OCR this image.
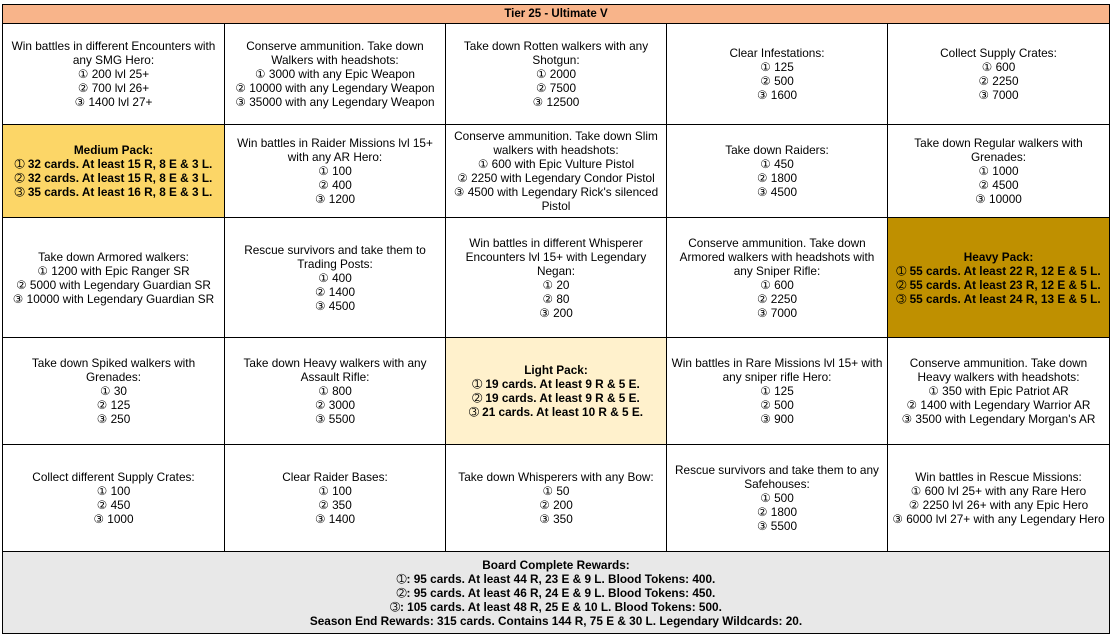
Tier 25 - Ultimate V
Win battles in different Encounters with any SMG Hero:
① 200 lvl 25+
② 700 lvl 26+
③ 1400 lvl 27+
Conserve ammunition. Take down Walkers with headshots:
① 3000 with any Epic Weapon
② 10000 with any Legendary Weapon
③ 35000 with any Legendary Weapon
Take down Rotten walkers with any Shotgun:
① 2000
② 7500
③ 12500
Clear Infestations:
① 125
② 500
③ 1600
Collect Supply Crates:
① 600
② 2250
③ 7000
Medium Pack:
➀ 32 cards. At least 15 R, 8 E & 3 L.
➁ 32 cards. At least 15 R, 8 E & 3 L.
➂ 35 cards. At least 16 R, 8 E & 3 L.
Win battles in Raider Missions lvl 15+ with any AR Hero:
① 100
② 400
③ 1200
Conserve ammunition. Take down Slim walkers with headshots:
① 600 with Epic Vulture Pistol
② 2250 with Legendary Condor Pistol
③ 4500 with Legendary Rick's silenced Pistol
Take down Raiders:
① 450
② 1800
③ 4500
Take down Regular walkers with Grenades:
① 1000
② 4500
③ 10000
Take down Armored walkers:
① 1200 with Epic Ranger SR
② 5000 with Legendary Guardian SR
③ 10000 with Legendary Guardian SR
Rescue survivors and take them to Trading Posts:
① 400
② 1400
③ 4500
Win battles in different Whisperer Encounters lvl 15+ with Legendary Negan:
① 20
② 80
③ 200
Conserve ammunition. Take down Armored walkers with headshots with any Sniper Rifle:
① 600
② 2250
③ 7000
Heavy Pack:
➀ 55 cards. At least 22 R, 12 E & 5 L.
➁ 55 cards. At least 23 R, 12 E & 5 L.
➂ 55 cards. At least 24 R, 13 E & 5 L.
Take down Spiked walkers with Grenades:
① 30
② 125
③ 250
Take down Heavy walkers with any Assault Rifle:
① 800
② 3000
③ 5500
Light Pack:
➀ 19 cards. At least 9 R & 5 E.
➁ 19 cards. At least 9 R & 5 E.
➂ 21 cards. At least 10 R & 5 E.
Win battles in Rare Missions lvl 15+ with any sniper rifle Hero:
① 125
② 500
③ 900
Conserve ammunition. Take down Heavy walkers with headshots:
① 350 with Epic Patriot AR
② 1400 with Legendary Warrior AR
③ 3500 with Legendary Morgan's AR
Collect different Supply Crates:
① 100
② 450
③ 1000
Clear Raider Bases:
① 100
② 350
③ 1400
Take down Whisperers with any Bow:
① 50
② 200
③ 350
Rescue survivors and take them to any Safehouses:
① 500
② 1800
③ 5500
Win battles in Rescue Missions:
① 600 lvl 25+ with any Rare Hero
② 2250 lvl 26+ with any Epic Hero
③ 6000 lvl 27+ with any Legendary Hero
Board Complete Rewards:
➀: 95 cards. At least 44 R, 23 E & 9 L. Blood Tokens: 400.
➁: 95 cards. At least 46 R, 24 E & 9 L. Blood Tokens: 450.
➂: 105 cards. At least 48 R, 25 E & 10 L. Blood Tokens: 500.
Season End Rewards: 315 cards. Contains 144 R, 75 E & 30 L. Legendary Wildcards: 20.
